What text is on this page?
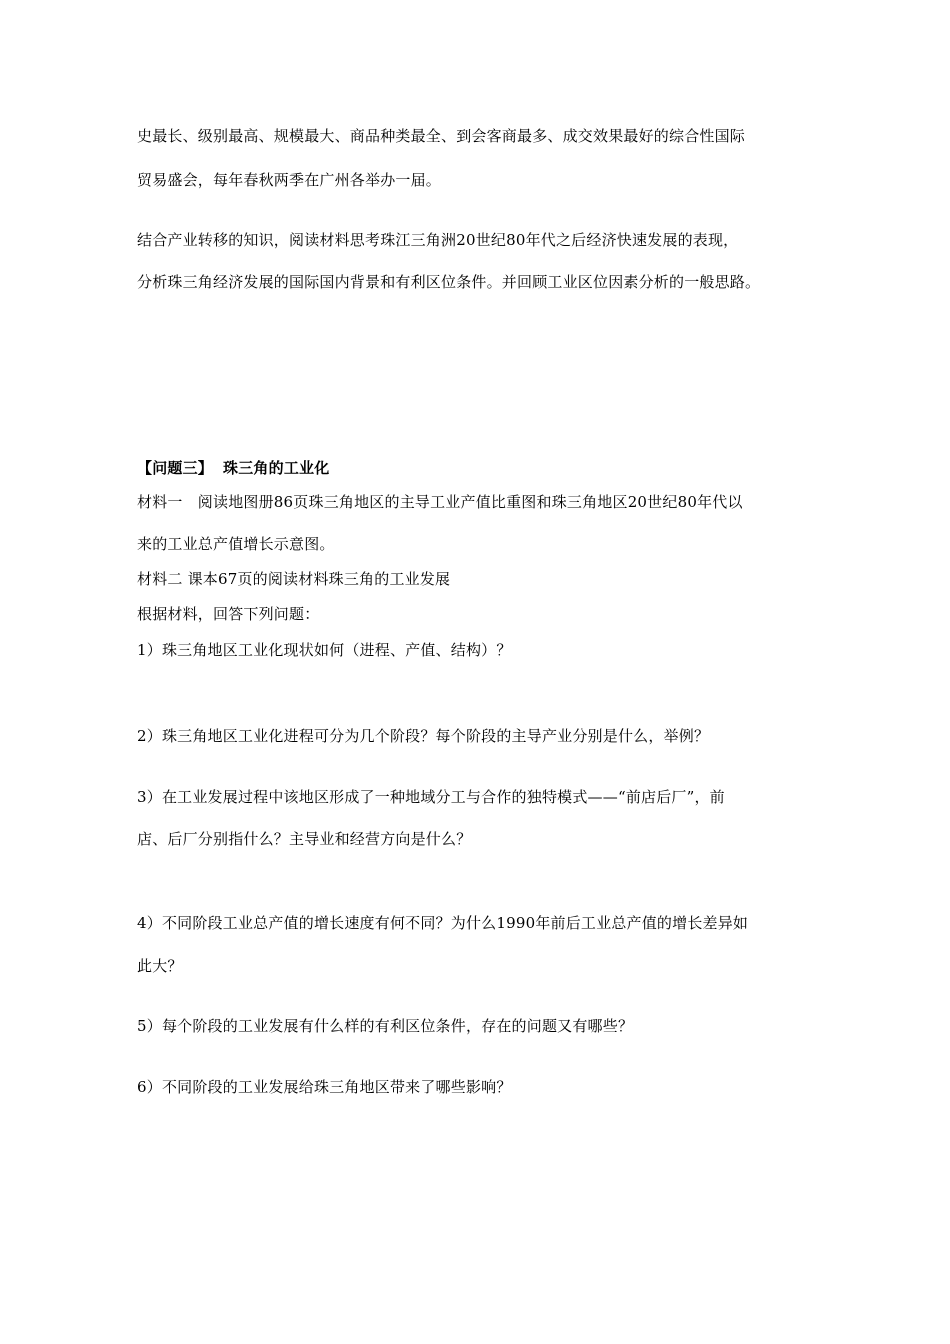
史最长、级别最高、规模最大、商品种类最全、到会客商最多、成交效果最好的综合性国际
贸易盛会，每年春秋两季在广州各举办一届。
结合产业转移的知识，阅读材料思考珠江三角洲20世纪80年代之后经济快速发展的表现，
分析珠三角经济发展的国际国内背景和有利区位条件。并回顾工业区位因素分析的一般思路。
【问题三】 珠三角的工业化
材料一　阅读地图册86页珠三角地区的主导工业产值比重图和珠三角地区20世纪80年代以
来的工业总产值增长示意图。
材料二 课本67页的阅读材料珠三角的工业发展
根据材料，回答下列问题：
1）珠三角地区工业化现状如何（进程、产值、结构）？
2）珠三角地区工业化进程可分为几个阶段？每个阶段的主导产业分别是什么，举例？
3）在工业发展过程中该地区形成了一种地域分工与合作的独特模式——“前店后厂”，前
店、后厂分别指什么？主导业和经营方向是什么？
4）不同阶段工业总产值的增长速度有何不同？为什么1990年前后工业总产值的增长差异如
此大？
5）每个阶段的工业发展有什么样的有利区位条件，存在的问题又有哪些？
6）不同阶段的工业发展给珠三角地区带来了哪些影响？
